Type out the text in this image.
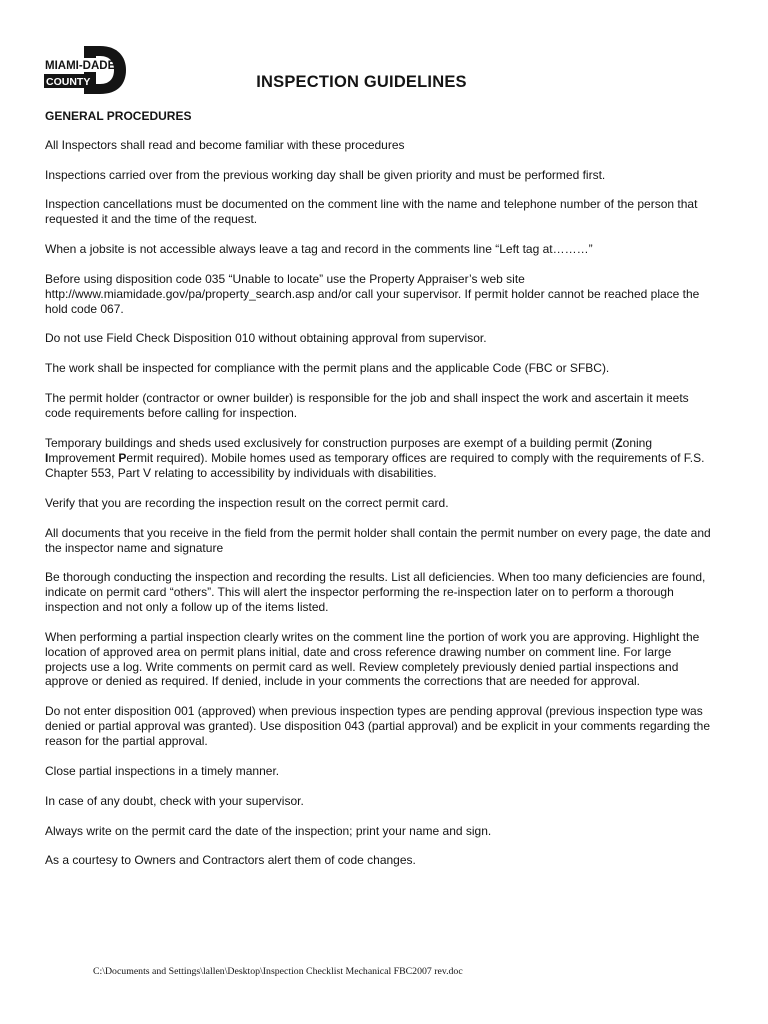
MIAMI-DADE
COUNTY	INSPECTION GUIDELINES
GENERAL PROCEDURES

All Inspectors shall read and become familiar with these procedures

Inspections carried over from the previous working day shall be given priority and must be performed first.

Inspection cancellations must be documented on the comment line with the name and telephone number of the person that
requested it and the time of the request.

When a jobsite is not accessible always leave a tag and record in the comments line “Left tag at………”

Before using disposition code 035 “Unable to locate” use the Property Appraiser’s web site
http://www.miamidade.gov/pa/property_search.asp and/or call your supervisor. If permit holder cannot be reached place the
hold code 067.

Do not use Field Check Disposition 010 without obtaining approval from supervisor.

The work shall be inspected for compliance with the permit plans and the applicable Code (FBC or SFBC).

The permit holder (contractor or owner builder) is responsible for the job and shall inspect the work and ascertain it meets
code requirements before calling for inspection.

Temporary buildings and sheds used exclusively for construction purposes are exempt of a building permit (Zoning
Improvement Permit required). Mobile homes used as temporary offices are required to comply with the requirements of F.S.
Chapter 553, Part V relating to accessibility by individuals with disabilities.

Verify that you are recording the inspection result on the correct permit card.

All documents that you receive in the field from the permit holder shall contain the permit number on every page, the date and
the inspector name and signature

Be thorough conducting the inspection and recording the results. List all deficiencies. When too many deficiencies are found,
indicate on permit card “others”. This will alert the inspector performing the re-inspection later on to perform a thorough
inspection and not only a follow up of the items listed.

When performing a partial inspection clearly writes on the comment line the portion of work you are approving. Highlight the
location of approved area on permit plans initial, date and cross reference drawing number on comment line. For large
projects use a log. Write comments on permit card as well. Review completely previously denied partial inspections and
approve or denied as required. If denied, include in your comments the corrections that are needed for approval.

Do not enter disposition 001 (approved) when previous inspection types are pending approval (previous inspection type was
denied or partial approval was granted). Use disposition 043 (partial approval) and be explicit in your comments regarding the
reason for the partial approval.

Close partial inspections in a timely manner.

In case of any doubt, check with your supervisor.

Always write on the permit card the date of the inspection; print your name and sign.

As a courtesy to Owners and Contractors alert them of code changes.

C:\Documents and Settings\lallen\Desktop\Inspection Checklist Mechanical FBC2007 rev.doc
